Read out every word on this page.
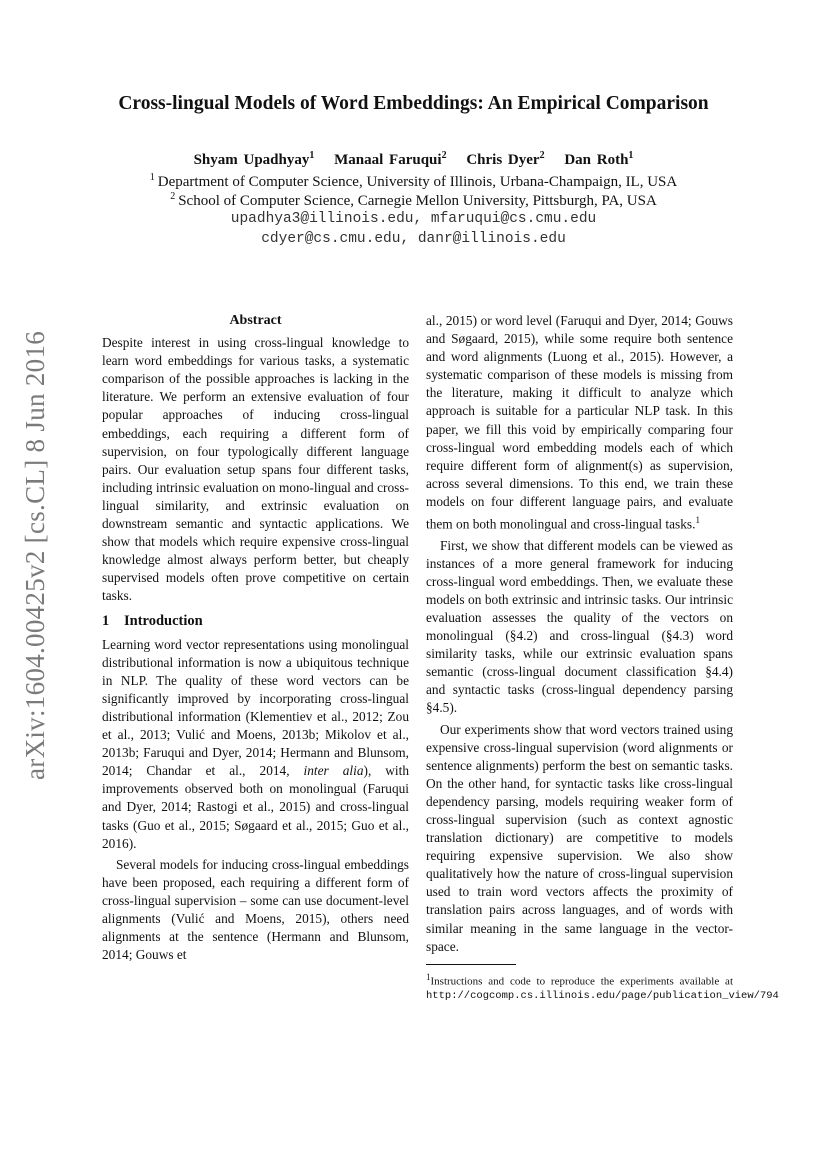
arXiv:1604.00425v2 [cs.CL] 8 Jun 2016
Cross-lingual Models of Word Embeddings: An Empirical Comparison
Shyam Upadhyay$^1$ Manaal Faruqui$^2$ Chris Dyer$^2$ Dan Roth$^1$
$^1$ Department of Computer Science, University of Illinois, Urbana-Champaign, IL, USA
$^2$ School of Computer Science, Carnegie Mellon University, Pittsburgh, PA, USA
upadhya3@illinois.edu, mfaruqui@cs.cmu.edu
cdyer@cs.cmu.edu, danr@illinois.edu
Abstract

Despite interest in using cross-lingual knowledge to learn word embeddings for various tasks, a systematic comparison of the possible approaches is lacking in the literature. We perform an extensive evaluation of four popular approaches of inducing cross-lingual embeddings, each requiring a different form of supervision, on four typologically different language pairs. Our evaluation setup spans four different tasks, including intrinsic evaluation on mono-lingual and cross-lingual similarity, and extrinsic evaluation on downstream semantic and syntactic applications. We show that models which require expensive cross-lingual knowledge almost always perform better, but cheaply supervised models often prove competitive on certain tasks.

1 Introduction

Learning word vector representations using monolingual distributional information is now a ubiquitous technique in NLP. The quality of these word vectors can be significantly improved by incorporating cross-lingual distributional information (Klementiev et al., 2012; Zou et al., 2013; Vulić and Moens, 2013b; Mikolov et al., 2013b; Faruqui and Dyer, 2014; Hermann and Blunsom, 2014; Chandar et al., 2014, inter alia), with improvements observed both on monolingual (Faruqui and Dyer, 2014; Rastogi et al., 2015) and cross-lingual tasks (Guo et al., 2015; Søgaard et al., 2015; Guo et al., 2016).

Several models for inducing cross-lingual embeddings have been proposed, each requiring a different form of cross-lingual supervision – some can use document-level alignments (Vulić and Moens, 2015), others need alignments at the sentence (Hermann and Blunsom, 2014; Gouws et

al., 2015) or word level (Faruqui and Dyer, 2014; Gouws and Søgaard, 2015), while some require both sentence and word alignments (Luong et al., 2015). However, a systematic comparison of these models is missing from the literature, making it difficult to analyze which approach is suitable for a particular NLP task. In this paper, we fill this void by empirically comparing four cross-lingual word embedding models each of which require different form of alignment(s) as supervision, across several dimensions. To this end, we train these models on four different language pairs, and evaluate them on both monolingual and cross-lingual tasks.$^1$

First, we show that different models can be viewed as instances of a more general framework for inducing cross-lingual word embeddings. Then, we evaluate these models on both extrinsic and intrinsic tasks. Our intrinsic evaluation assesses the quality of the vectors on monolingual (§4.2) and cross-lingual (§4.3) word similarity tasks, while our extrinsic evaluation spans semantic (cross-lingual document classification §4.4) and syntactic tasks (cross-lingual dependency parsing §4.5).

Our experiments show that word vectors trained using expensive cross-lingual supervision (word alignments or sentence alignments) perform the best on semantic tasks. On the other hand, for syntactic tasks like cross-lingual dependency parsing, models requiring weaker form of cross-lingual supervision (such as context agnostic translation dictionary) are competitive to models requiring expensive supervision. We also show qualitatively how the nature of cross-lingual supervision used to train word vectors affects the proximity of translation pairs across languages, and of words with similar meaning in the same language in the vector-space.

$^1$Instructions and code to reproduce the experiments available at http://cogcomp.cs.illinois.edu/page/publication_view/794
